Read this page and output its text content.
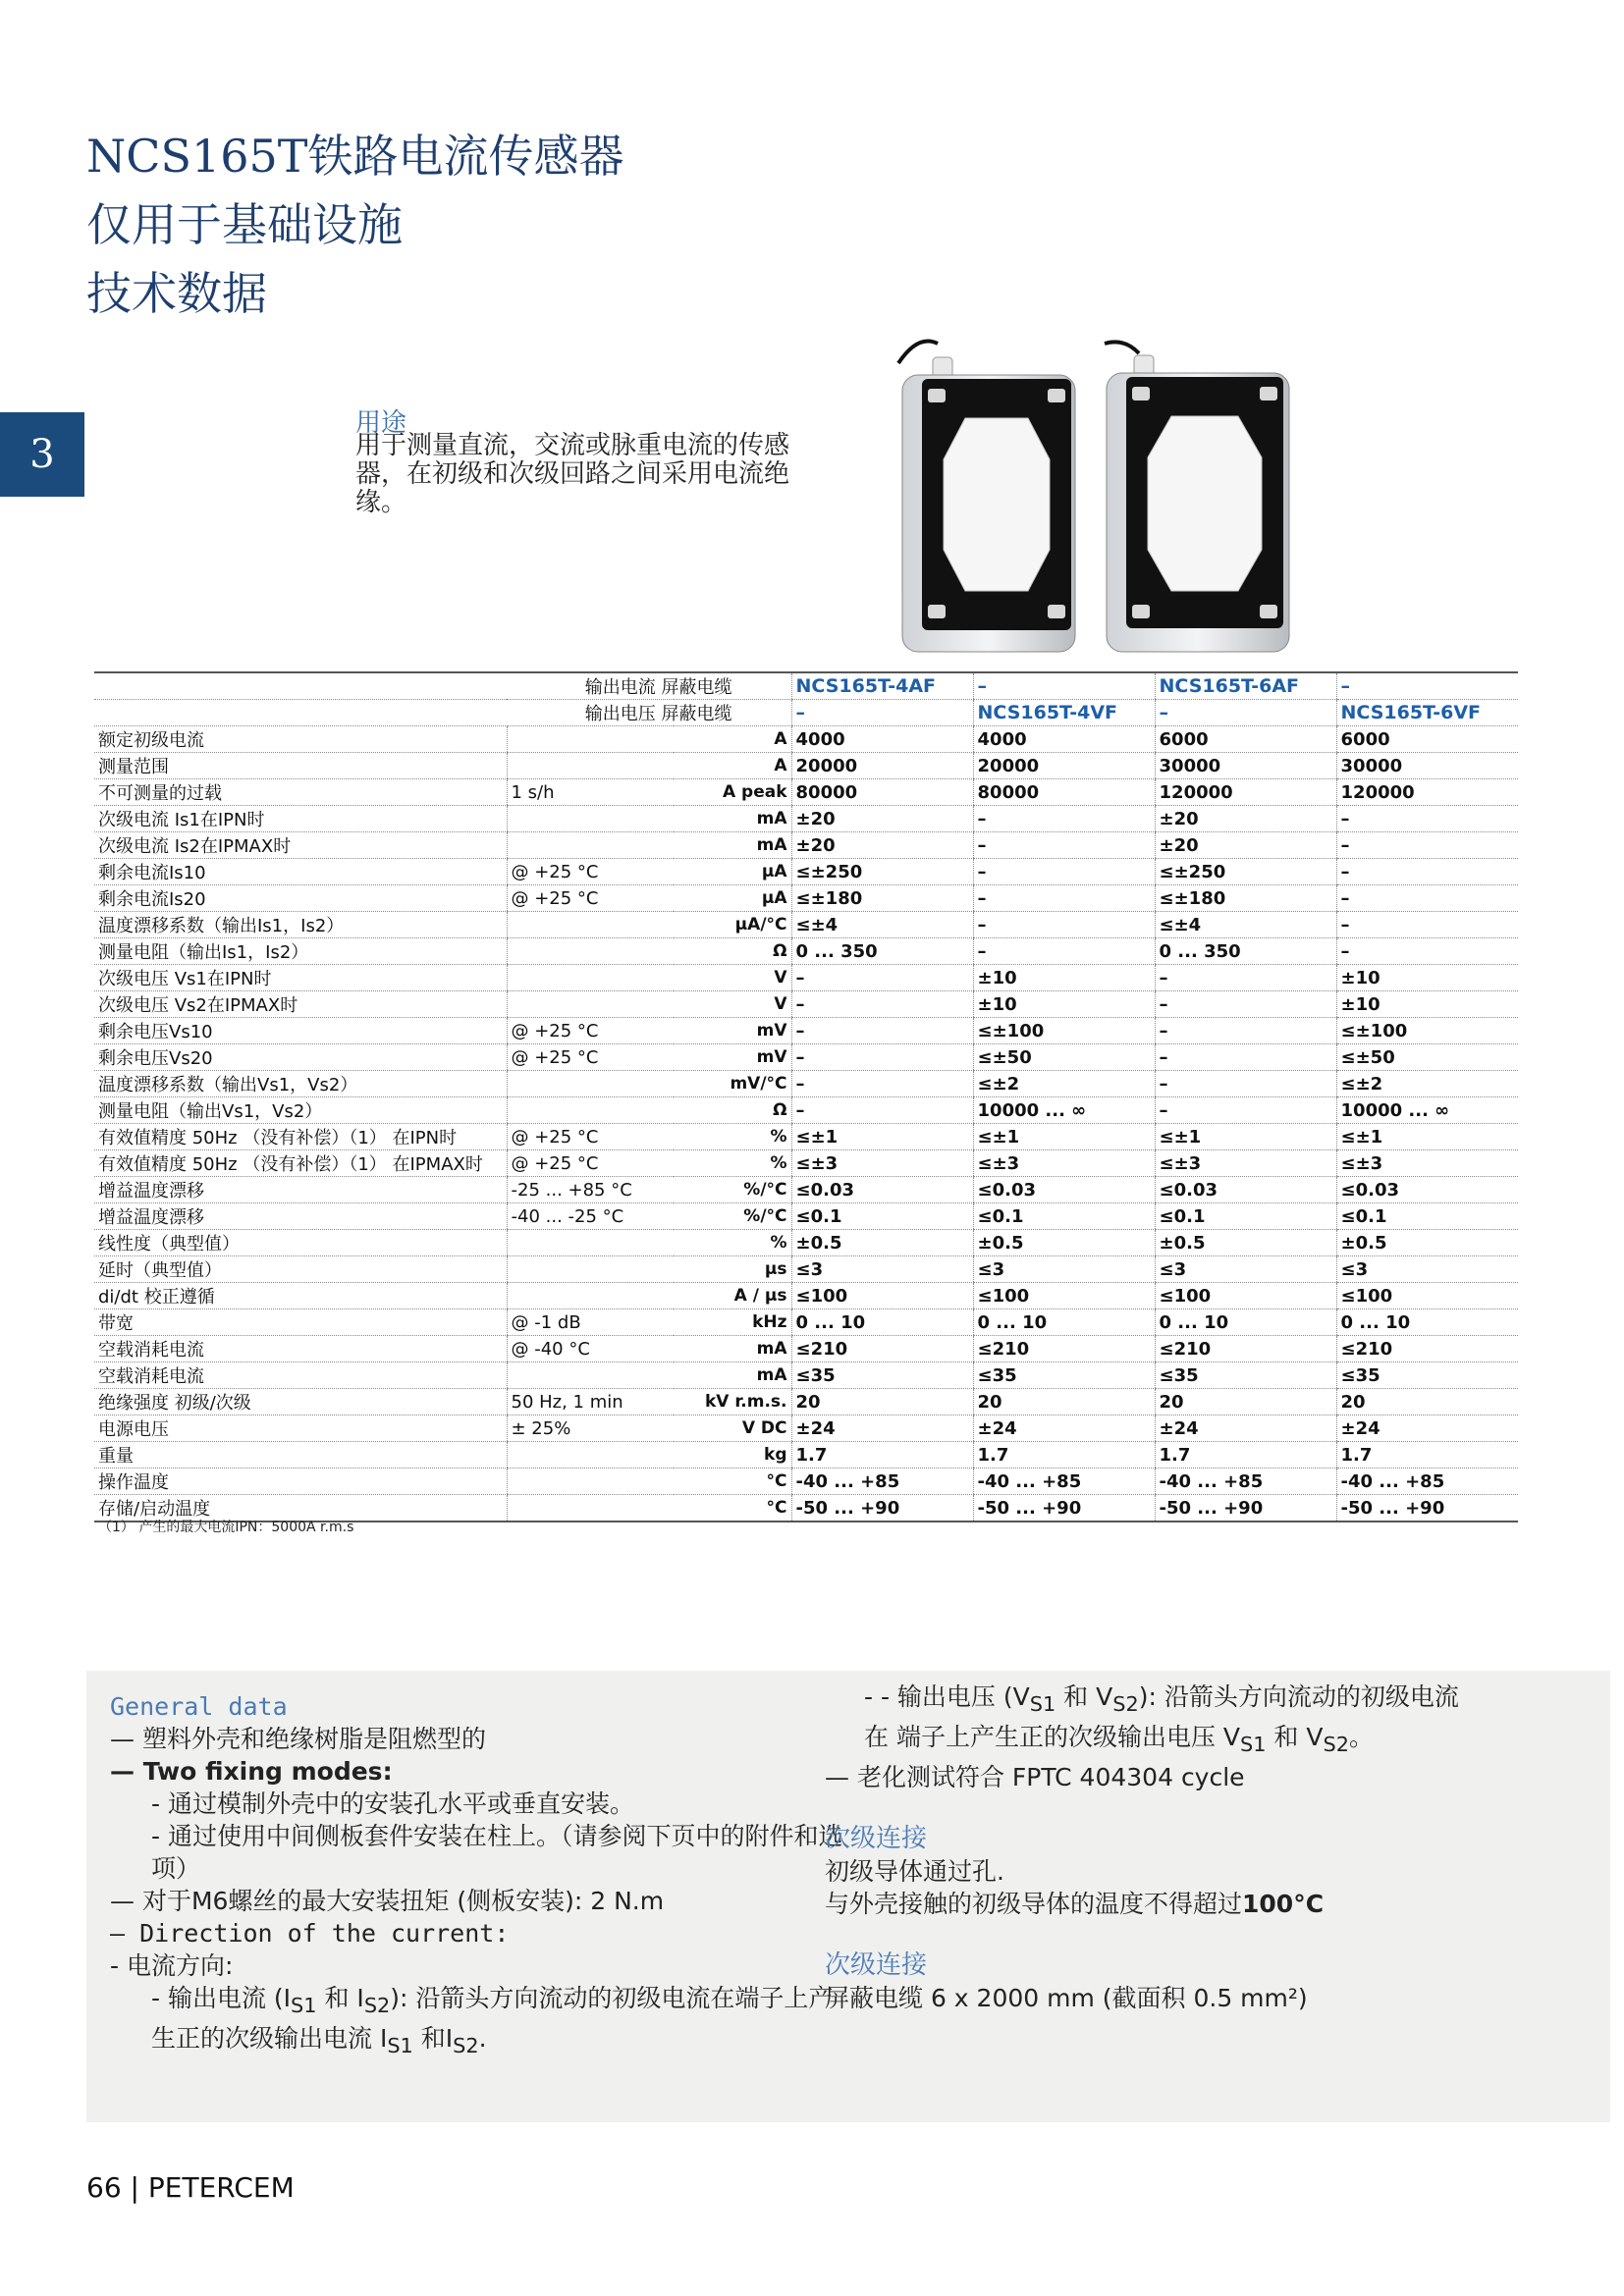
NCS165T铁路电流传感器
仅用于基础设施
技术数据
3
用途
用于测量直流，交流或脉重电流的传感器，在初级和次级回路之间采用电流绝缘。
输出电流 屏蔽电缆			NCS165T-4AF	–	NCS165T-6AF	–
输出电压 屏蔽电缆			–	NCS165T-4VF	–	NCS165T-6VF
额定初级电流		A	4000	4000	6000	6000
测量范围		A	20000	20000	30000	30000
不可测量的过载	1 s/h	A peak	80000	80000	120000	120000
次级电流 Is1在IPN时		mA	±20	–	±20	–
次级电流 Is2在IPMAX时		mA	±20	–	±20	–
剩余电流Is10	@ +25 °C	µA	≤±250	–	≤±250	–
剩余电流Is20	@ +25 °C	µA	≤±180	–	≤±180	–
温度漂移系数（输出Is1，Is2）		µA/°C	≤±4	–	≤±4	–
测量电阻（输出Is1，Is2）		Ω	0 ... 350	–	0 ... 350	–
次级电压 Vs1在IPN时		V	–	±10	–	±10
次级电压 Vs2在IPMAX时		V	–	±10	–	±10
剩余电压Vs10	@ +25 °C	mV	–	≤±100	–	≤±100
剩余电压Vs20	@ +25 °C	mV	–	≤±50	–	≤±50
温度漂移系数（输出Vs1，Vs2）		mV/°C	–	≤±2	–	≤±2
测量电阻（输出Vs1，Vs2）		Ω	–	10000 ... ∞	–	10000 ... ∞
有效值精度 50Hz （没有补偿）（1） 在IPN时	@ +25 °C	%	≤±1	≤±1	≤±1	≤±1
有效值精度 50Hz （没有补偿）（1） 在IPMAX时	@ +25 °C	%	≤±3	≤±3	≤±3	≤±3
增益温度漂移	-25 ... +85 °C	%/°C	≤0.03	≤0.03	≤0.03	≤0.03
增益温度漂移	-40 ... -25 °C	%/°C	≤0.1	≤0.1	≤0.1	≤0.1
线性度（典型值）		%	±0.5	±0.5	±0.5	±0.5
延时（典型值）		µs	≤3	≤3	≤3	≤3
di/dt 校正遵循		A / µs	≤100	≤100	≤100	≤100
带宽	@ -1 dB	kHz	0 ... 10	0 ... 10	0 ... 10	0 ... 10
空载消耗电流	@ -40 °C	mA	≤210	≤210	≤210	≤210
空载消耗电流		mA	≤35	≤35	≤35	≤35
绝缘强度 初级/次级	50 Hz, 1 min	kV r.m.s.	20	20	20	20
电源电压	± 25%	V DC	±24	±24	±24	±24
重量		kg	1.7	1.7	1.7	1.7
操作温度		°C	-40 ... +85	-40 ... +85	-40 ... +85	-40 ... +85
存储/启动温度		°C	-50 ... +90	-50 ... +90	-50 ... +90	-50 ... +90
（1） 产生的最大电流IPN：5000A r.m.s
General data
— 塑料外壳和绝缘树脂是阻燃型的
— Two fixing modes:
- 通过模制外壳中的安装孔水平或垂直安装。
- 通过使用中间侧板套件安装在柱上。（请参阅下页中的附件和选项）
— 对于M6螺丝的最大安装扭矩 (侧板安装): 2 N.m
— Direction of the current:
- 电流方向:
- 输出电流 ($I_{S1}$ 和 $I_{S2}$): 沿箭头方向流动的初级电流在端子上产生正的次级输出电流 $I_{S1}$ 和$I_{S2}$.
- - 输出电压 ($V_{S1}$ 和 $V_{S2}$): 沿箭头方向流动的初级电流
在 端子上产生正的次级输出电压 $V_{S1}$ 和 $V_{S2}$。
— 老化测试符合 FPTC 404304 cycle
次级连接
初级导体通过孔.
与外壳接触的初级导体的温度不得超过100°C
次级连接
屏蔽电缆 6 x 2000 mm (截面积 0.5 mm²)
66 | PETERCEM
